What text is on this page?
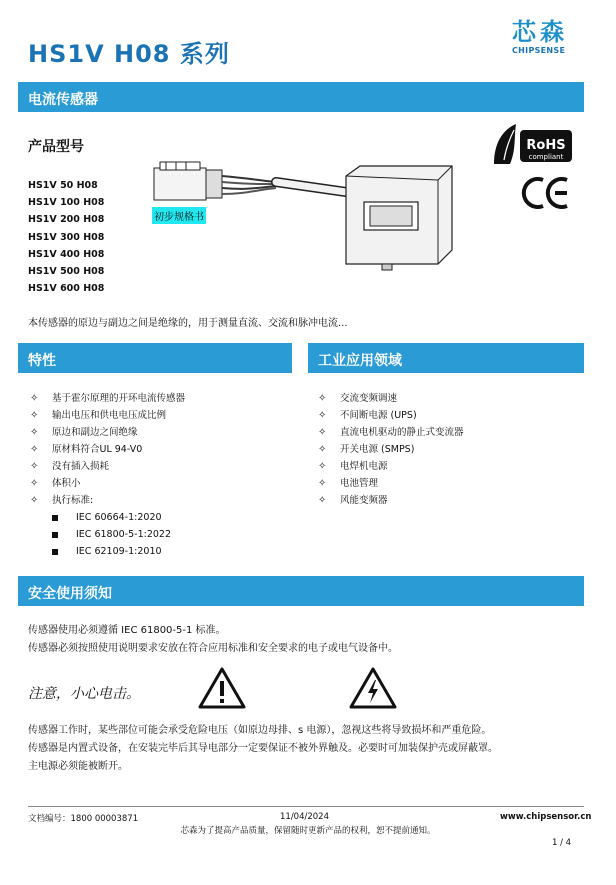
HS1V H08 系列
芯森
CHIPSENSE
电流传感器
产品型号
HS1V 50 H08
HS1V 100 H08
HS1V 200 H08
HS1V 300 H08
HS1V 400 H08
HS1V 500 H08
HS1V 600 H08
初步规格书
RoHS
compliant
本传感器的原边与副边之间是绝缘的，用于测量直流、交流和脉冲电流...
特性	工业应用领域
✧ 基于霍尔原理的开环电流传感器
✧ 输出电压和供电电压成比例
✧ 原边和副边之间绝缘
✧ 原材料符合UL 94-V0
✧ 没有插入损耗
✧ 体积小
✧ 执行标准:
IEC 60664-1:2020
IEC 61800-5-1:2022
IEC 62109-1:2010
✧ 交流变频调速
✧ 不间断电源 (UPS)
✧ 直流电机驱动的静止式变流器
✧ 开关电源 (SMPS)
✧ 电焊机电源
✧ 电池管理
✧ 风能变频器
安全使用须知
传感器使用必须遵循 IEC 61800-5-1 标准。
传感器必须按照使用说明要求安放在符合应用标准和安全要求的电子或电气设备中。
注意，小心电击。
传感器工作时，某些部位可能会承受危险电压（如原边母排、s 电源），忽视这些将导致损坏和严重危险。
传感器是内置式设备，在安装完毕后其导电部分一定要保证不被外界触及。必要时可加装保护壳或屏蔽罩。
主电源必须能被断开。
文档编号：1800 00003871	11/04/2024	www.chipsensor.cn
芯森为了提高产品质量，保留随时更新产品的权利，恕不提前通知。
1 / 4
